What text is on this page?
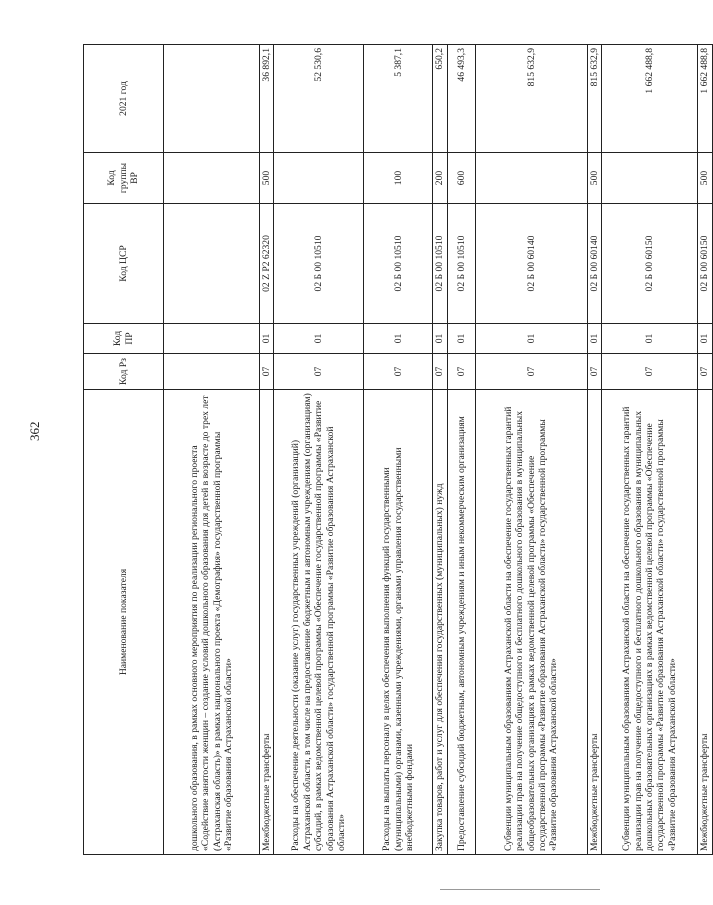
362
Наименование показателя	Код Рз	Код ПР	Код ЦСР	Код группы ВР	2021 год
дошкольного образования, в рамках основного мероприятия по реализации регионального проекта «Содействие занятости женщин – создание условий дошкольного образования для детей в возрасте до трех лет (Астраханская область)» в рамках национального проекта «Демография» государственной программы «Развитие образования Астраханской области»					
Межбюджетные трансферты	07	01	02 Z P2 62320	500	36 892,1
Расходы на обеспечение деятельности (оказание услуг) государственных учреждений (организаций) Астраханской области, в том числе на предоставление бюджетным и автономным учреждениям (организациям) субсидий, в рамках ведомственной целевой программы «Обеспечение государственной программы «Развитие образования Астраханской области» государственной программы «Развитие образования Астраханской области»	07	01	02 Б 00 10510		52 530,6
Расходы на выплаты персоналу в целях обеспечения выполнения функций государственными (муниципальными) органами, казенными учреждениями, органами управления государственными внебюджетными фондами	07	01	02 Б 00 10510	100	5 387,1
Закупка товаров, работ и услуг для обеспечения государственных (муниципальных) нужд	07	01	02 Б 00 10510	200	650,2
Предоставление субсидий бюджетным, автономным учреждениям и иным некоммерческим организациям	07	01	02 Б 00 10510	600	46 493,3
Субвенции муниципальным образованиям Астраханской области на обеспечение государственных гарантий реализации прав на получение общедоступного и бесплатного дошкольного образования в муниципальных общеобразовательных организациях в рамках ведомственной целевой программы «Обеспечение государственной программы «Развитие образования Астраханской области» государственной программы «Развитие образования Астраханской области»	07	01	02 Б 00 60140		815 632,9
Межбюджетные трансферты	07	01	02 Б 00 60140	500	815 632,9
Субвенции муниципальным образованиям Астраханской области на обеспечение государственных гарантий реализации прав на получение общедоступного и бесплатного дошкольного образования в муниципальных дошкольных образовательных организациях в рамках ведомственной целевой программы «Обеспечение государственной программы «Развитие образования Астраханской области» государственной программы «Развитие образования Астраханской области»	07	01	02 Б 00 60150		1 662 488,8
Межбюджетные трансферты	07	01	02 Б 00 60150	500	1 662 488,8
